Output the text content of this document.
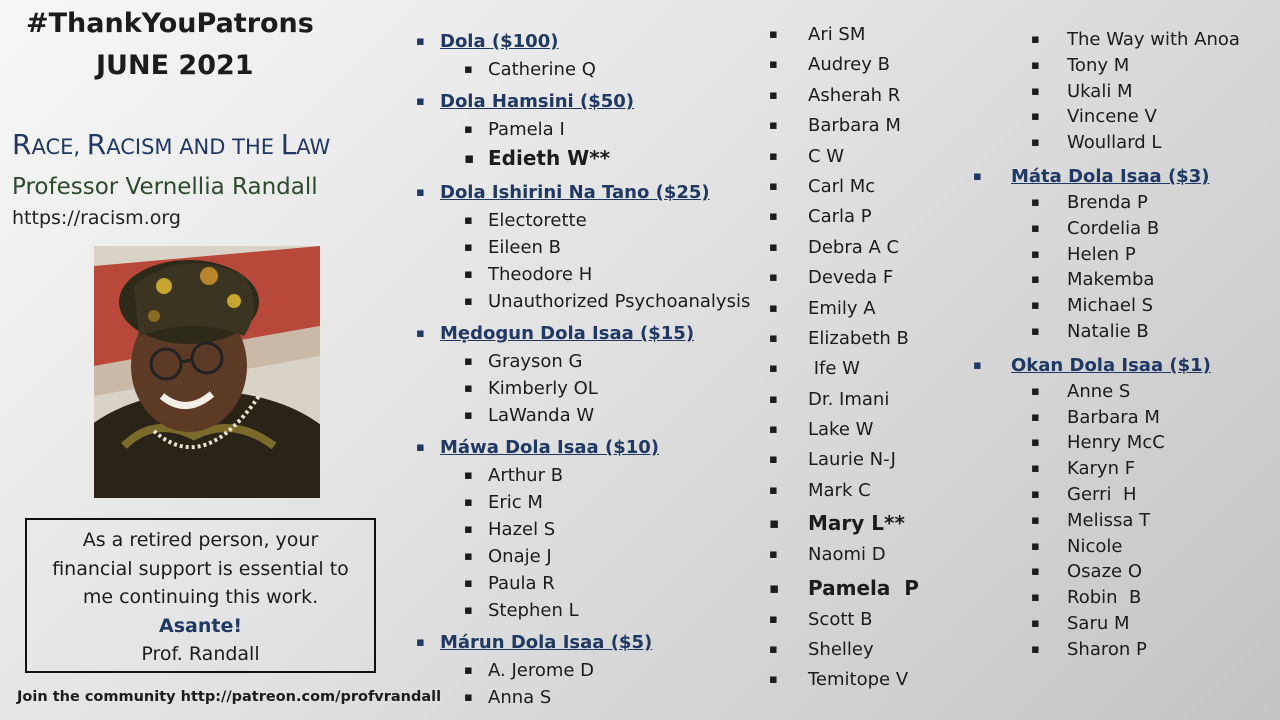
#ThankYouPatrons
JUNE 2021
RACE, RACISM AND THE LAW
Professor Vernellia Randall
https://racism.org
As a retired person, your
financial support is essential to
me continuing this work.
Asante!
Prof. Randall
Join the community http://patreon.com/profvrandall
▪
Dola ($100)
▪
Catherine Q
▪
Dola Hamsini ($50)
▪
Pamela I
▪
Edieth W**
▪
Dola Ishirini Na Tano ($25)
▪
Electorette
▪
Eileen B
▪
Theodore H
▪
Unauthorized Psychoanalysis
▪
Mẹdogun Dola Isaa ($15)
▪
Grayson G
▪
Kimberly OL
▪
LaWanda W
▪
Máwa Dola Isaa ($10)
▪
Arthur B
▪
Eric M
▪
Hazel S
▪
Onaje J
▪
Paula R
▪
Stephen L
▪
Márun Dola Isaa ($5)
▪
A. Jerome D
▪
Anna S
▪
Ari SM
▪
Audrey B
▪
Asherah R
▪
Barbara M
▪
C W
▪
Carl Mc
▪
Carla P
▪
Debra A C
▪
Deveda F
▪
Emily A
▪
Elizabeth B
▪
Ife W
▪
Dr. Imani
▪
Lake W
▪
Laurie N-J
▪
Mark C
▪
Mary L**
▪
Naomi D
▪
Pamela  P
▪
Scott B
▪
Shelley
▪
Temitope V
▪
The Way with Anoa
▪
Tony M
▪
Ukali M
▪
Vincene V
▪
Woullard L
▪
Máta Dola Isaa ($3)
▪
Brenda P
▪
Cordelia B
▪
Helen P
▪
Makemba
▪
Michael S
▪
Natalie B
▪
Okan Dola Isaa ($1)
▪
Anne S
▪
Barbara M
▪
Henry McC
▪
Karyn F
▪
Gerri  H
▪
Melissa T
▪
Nicole
▪
Osaze O
▪
Robin  B
▪
Saru M
▪
Sharon P
